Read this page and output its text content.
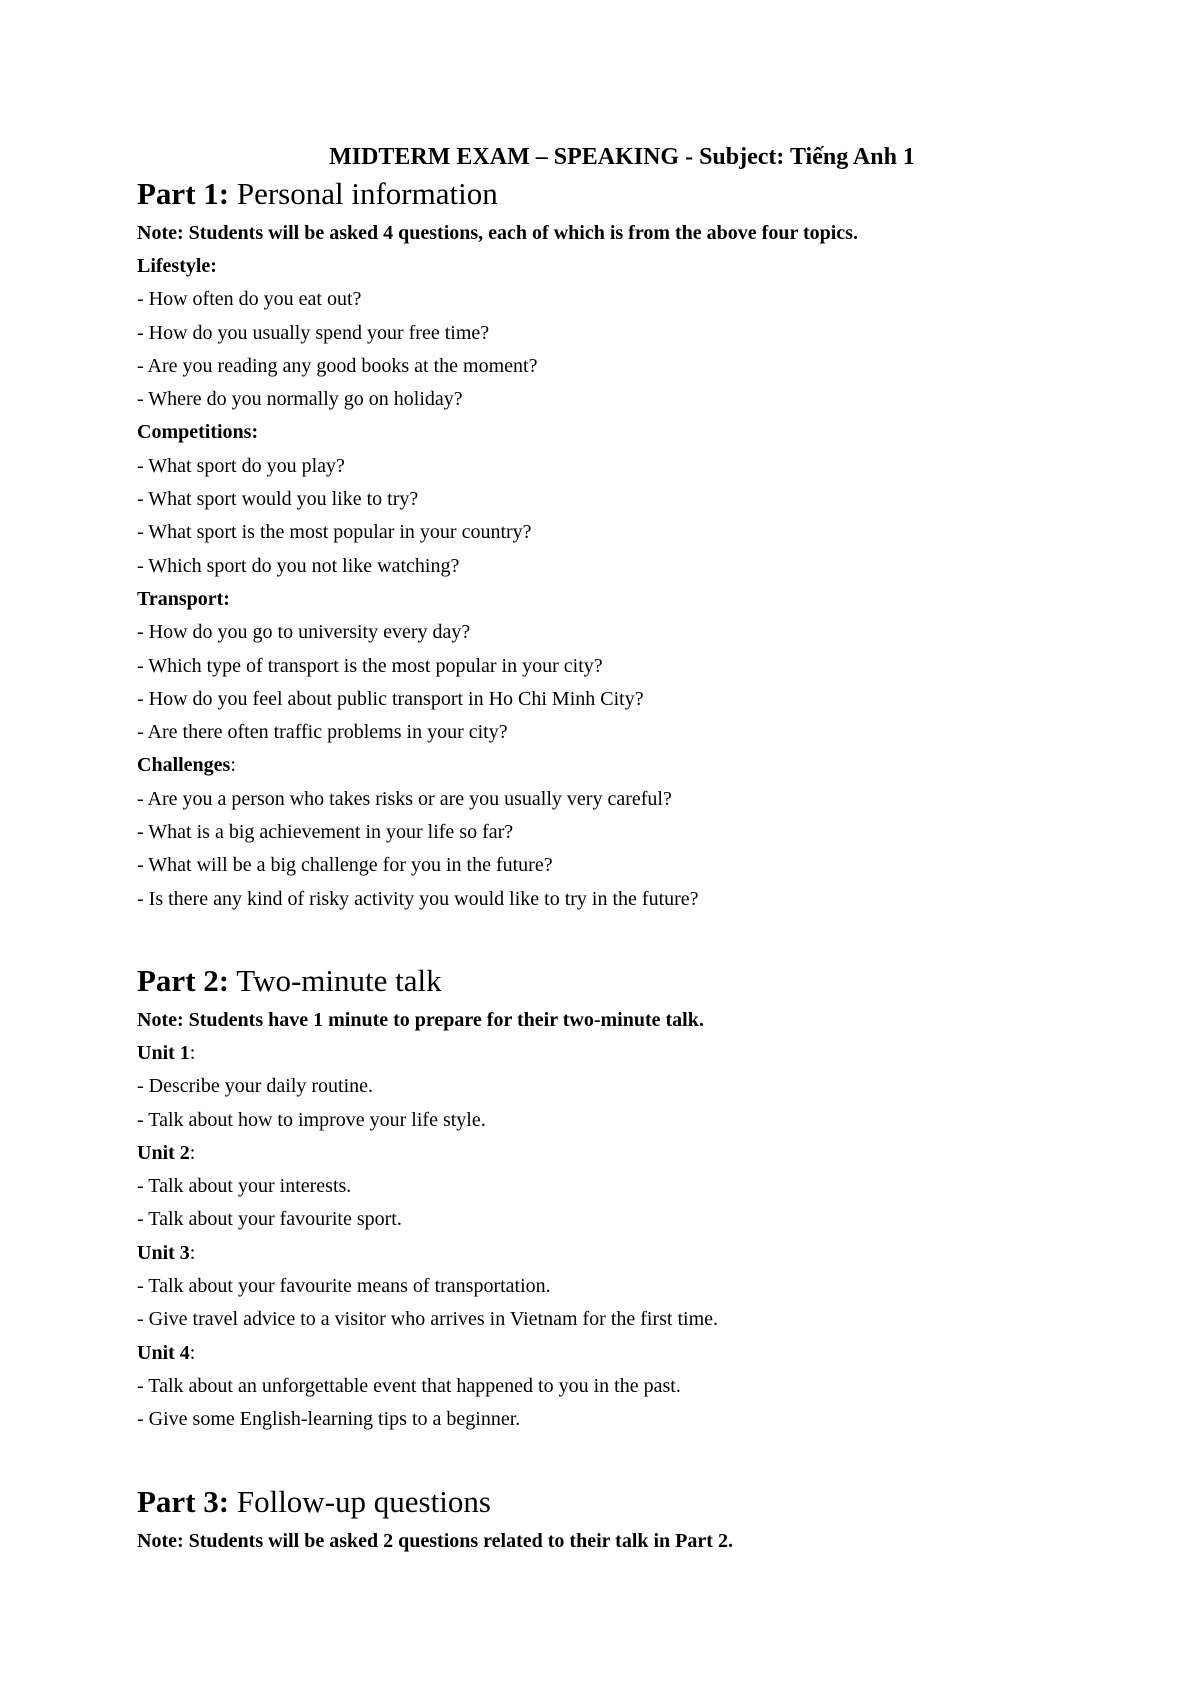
MIDTERM EXAM – SPEAKING - Subject: Tiếng Anh 1

Part 1: Personal information

Note: Students will be asked 4 questions, each of which is from the above four topics.

Lifestyle:

- How often do you eat out?

- How do you usually spend your free time?

- Are you reading any good books at the moment?

- Where do you normally go on holiday?

Competitions:

- What sport do you play?

- What sport would you like to try?

- What sport is the most popular in your country?

- Which sport do you not like watching?

Transport:

- How do you go to university every day?

- Which type of transport is the most popular in your city?

- How do you feel about public transport in Ho Chi Minh City?

- Are there often traffic problems in your city?

Challenges:

- Are you a person who takes risks or are you usually very careful?

- What is a big achievement in your life so far?

- What will be a big challenge for you in the future?

- Is there any kind of risky activity you would like to try in the future?

Part 2: Two-minute talk

Note: Students have 1 minute to prepare for their two-minute talk.

Unit 1:

- Describe your daily routine.

- Talk about how to improve your life style.

Unit 2:

- Talk about your interests.

- Talk about your favourite sport.

Unit 3:

- Talk about your favourite means of transportation.

- Give travel advice to a visitor who arrives in Vietnam for the first time.

Unit 4:

- Talk about an unforgettable event that happened to you in the past.

- Give some English-learning tips to a beginner.

Part 3: Follow-up questions

Note: Students will be asked 2 questions related to their talk in Part 2.
